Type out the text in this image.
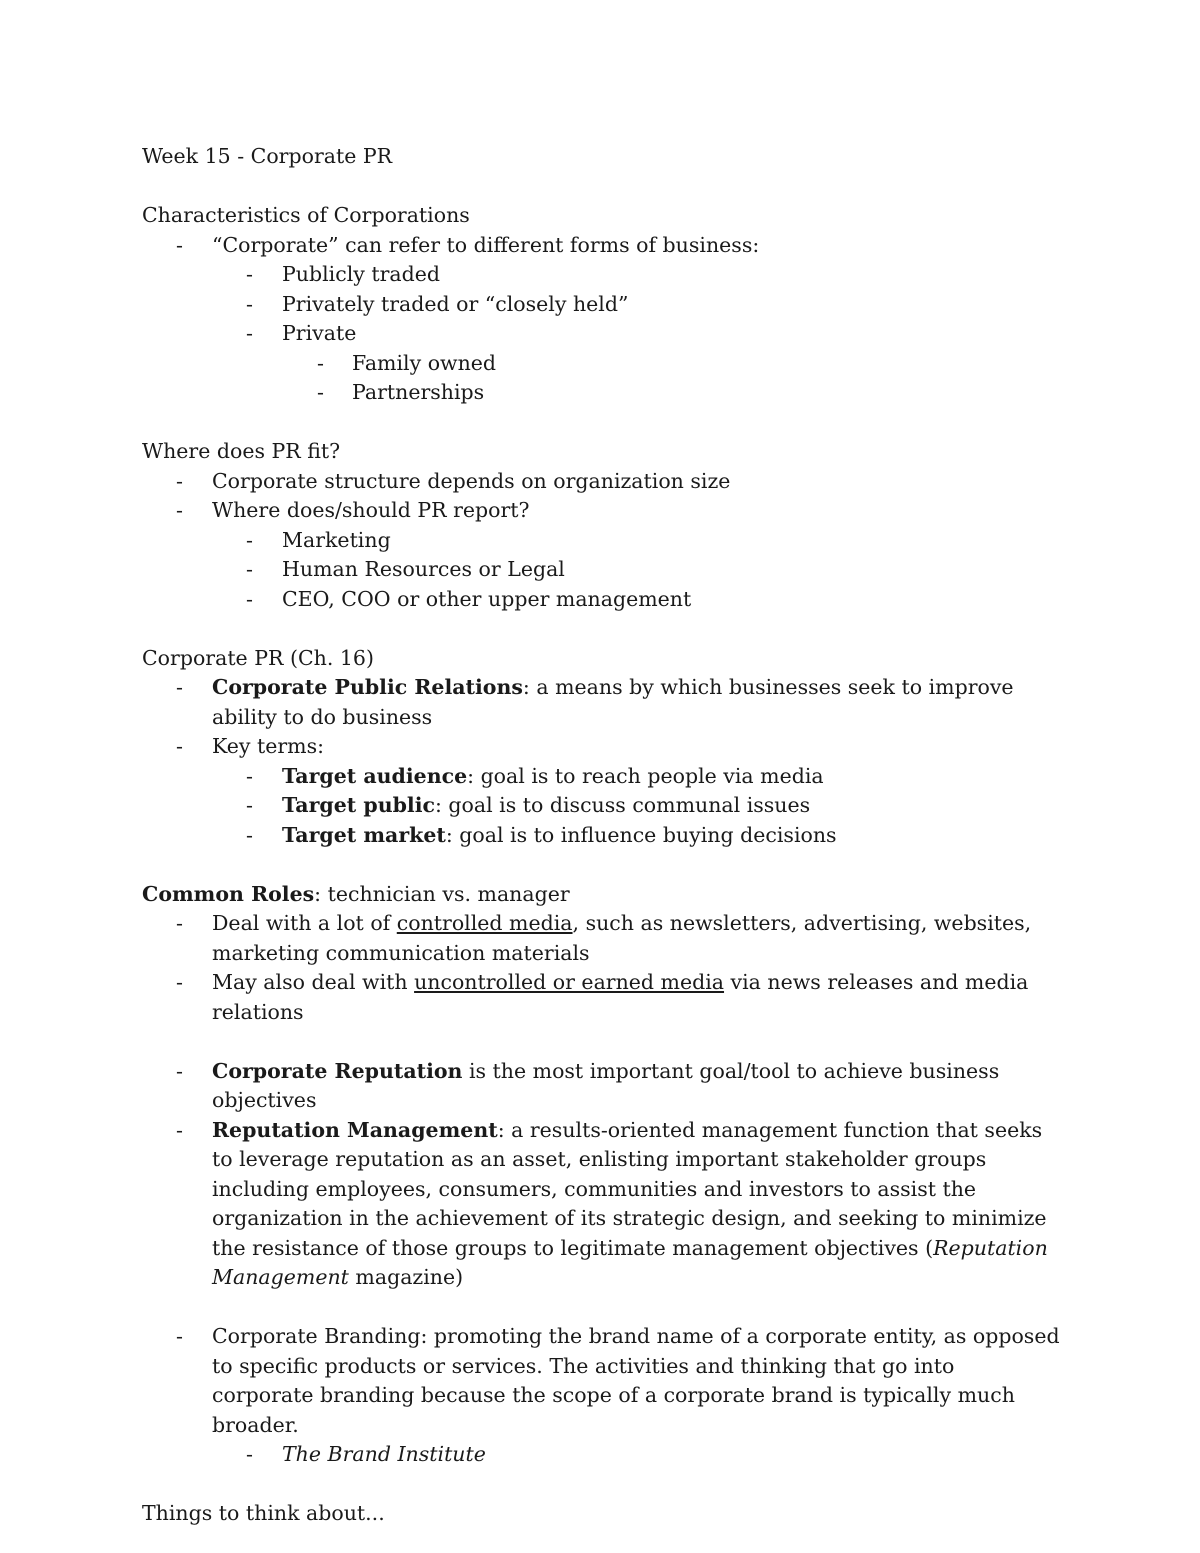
Week 15 - Corporate PR

Characteristics of Corporations

- “Corporate” can refer to different forms of business:

- Publicly traded

- Privately traded or “closely held”

- Private

- Family owned

- Partnerships

Where does PR fit?

- Corporate structure depends on organization size

- Where does/should PR report?

- Marketing

- Human Resources or Legal

- CEO, COO or other upper management

Corporate PR (Ch. 16)

- Corporate Public Relations: a means by which businesses seek to improve ability to do business

- Key terms:

- Target audience: goal is to reach people via media

- Target public: goal is to discuss communal issues

- Target market: goal is to influence buying decisions

Common Roles: technician vs. manager

- Deal with a lot of controlled media, such as newsletters, advertising, websites, marketing communication materials

- May also deal with uncontrolled or earned media via news releases and media relations

- Corporate Reputation is the most important goal/tool to achieve business objectives

- Reputation Management: a results-oriented management function that seeks to leverage reputation as an asset, enlisting important stakeholder groups including employees, consumers, communities and investors to assist the organization in the achievement of its strategic design, and seeking to minimize the resistance of those groups to legitimate management objectives (Reputation Management magazine)

- Corporate Branding: promoting the brand name of a corporate entity, as opposed to specific products or services. The activities and thinking that go into corporate branding because the scope of a corporate brand is typically much broader.

- The Brand Institute

Things to think about...
